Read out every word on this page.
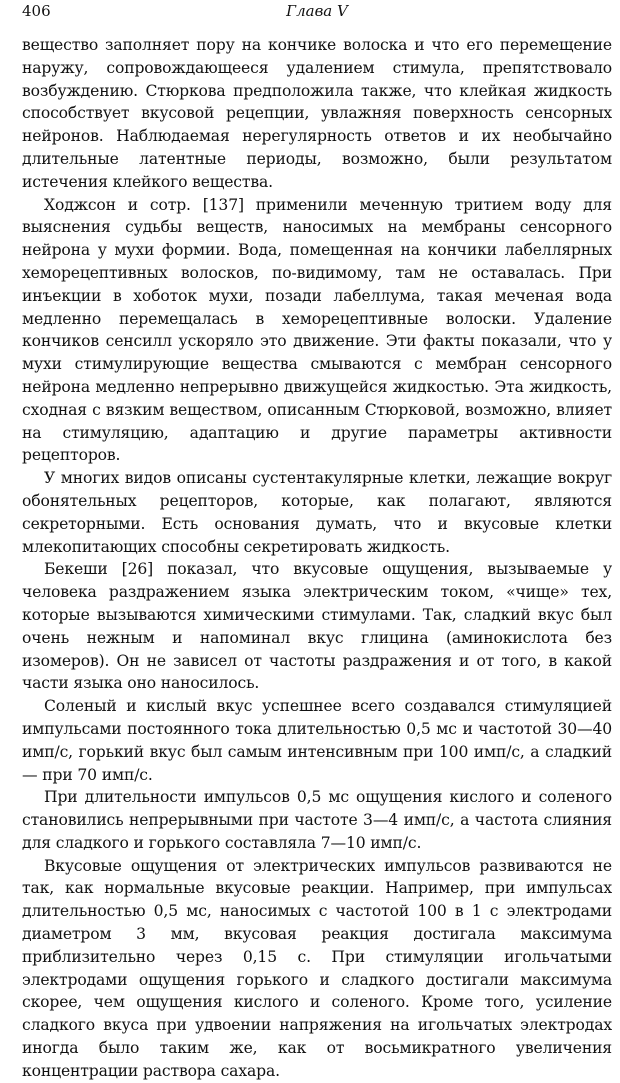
406	Глава V

вещество заполняет пору на кончике волоска и что его перемещение наружу, сопровождающееся удалением стимула, препятствовало возбуждению. Стюркова предположила также, что клейкая жидкость способствует вкусовой рецепции, увлажняя поверхность сенсорных нейронов. Наблюдаемая нерегулярность ответов и их необычайно длительные латентные периоды, возможно, были результатом истечения клейкого вещества.

Ходжсон и сотр. [137] применили меченную тритием воду для выяснения судьбы веществ, наносимых на мембраны сенсорного нейрона у мухи формии. Вода, помещенная на кончики лабеллярных хеморецептивных волосков, по-видимому, там не оставалась. При инъекции в хоботок мухи, позади лабеллума, такая меченая вода медленно перемещалась в хеморецептивные волоски. Удаление кончиков сенсилл ускоряло это движение. Эти факты показали, что у мухи стимулирующие вещества смываются с мембран сенсорного нейрона медленно непрерывно движущейся жидкостью. Эта жидкость, сходная с вязким веществом, описанным Стюрковой, возможно, влияет на стимуляцию, адаптацию и другие параметры активности рецепторов.

У многих видов описаны сустентакулярные клетки, лежащие вокруг обонятельных рецепторов, которые, как полагают, являются секреторными. Есть основания думать, что и вкусовые клетки млекопитающих способны секретировать жидкость.

Бекеши [26] показал, что вкусовые ощущения, вызываемые у человека раздражением языка электрическим током, «чище» тех, которые вызываются химическими стимулами. Так, сладкий вкус был очень нежным и напоминал вкус глицина (аминокислота без изомеров). Он не зависел от частоты раздражения и от того, в какой части языка оно наносилось.

Соленый и кислый вкус успешнее всего создавался стимуляцией импульсами постоянного тока длительностью 0,5 мс и частотой 30—40 имп/с, горький вкус был самым интенсивным при 100 имп/с, а сладкий — при 70 имп/с.

При длительности импульсов 0,5 мс ощущения кислого и соленого становились непрерывными при частоте 3—4 имп/с, а частота слияния для сладкого и горького составляла 7—10 имп/с.

Вкусовые ощущения от электрических импульсов развиваются не так, как нормальные вкусовые реакции. Например, при импульсах длительностью 0,5 мс, наносимых с частотой 100 в 1 с электродами диаметром 3 мм, вкусовая реакция достигала максимума приблизительно через 0,15 с. При стимуляции игольчатыми электродами ощущения горького и сладкого достигали максимума скорее, чем ощущения кислого и соленого. Кроме того, усиление сладкого вкуса при удвоении напряжения на игольчатых электродах иногда было таким же, как от восьмикратного увеличения концентрации раствора сахара.
